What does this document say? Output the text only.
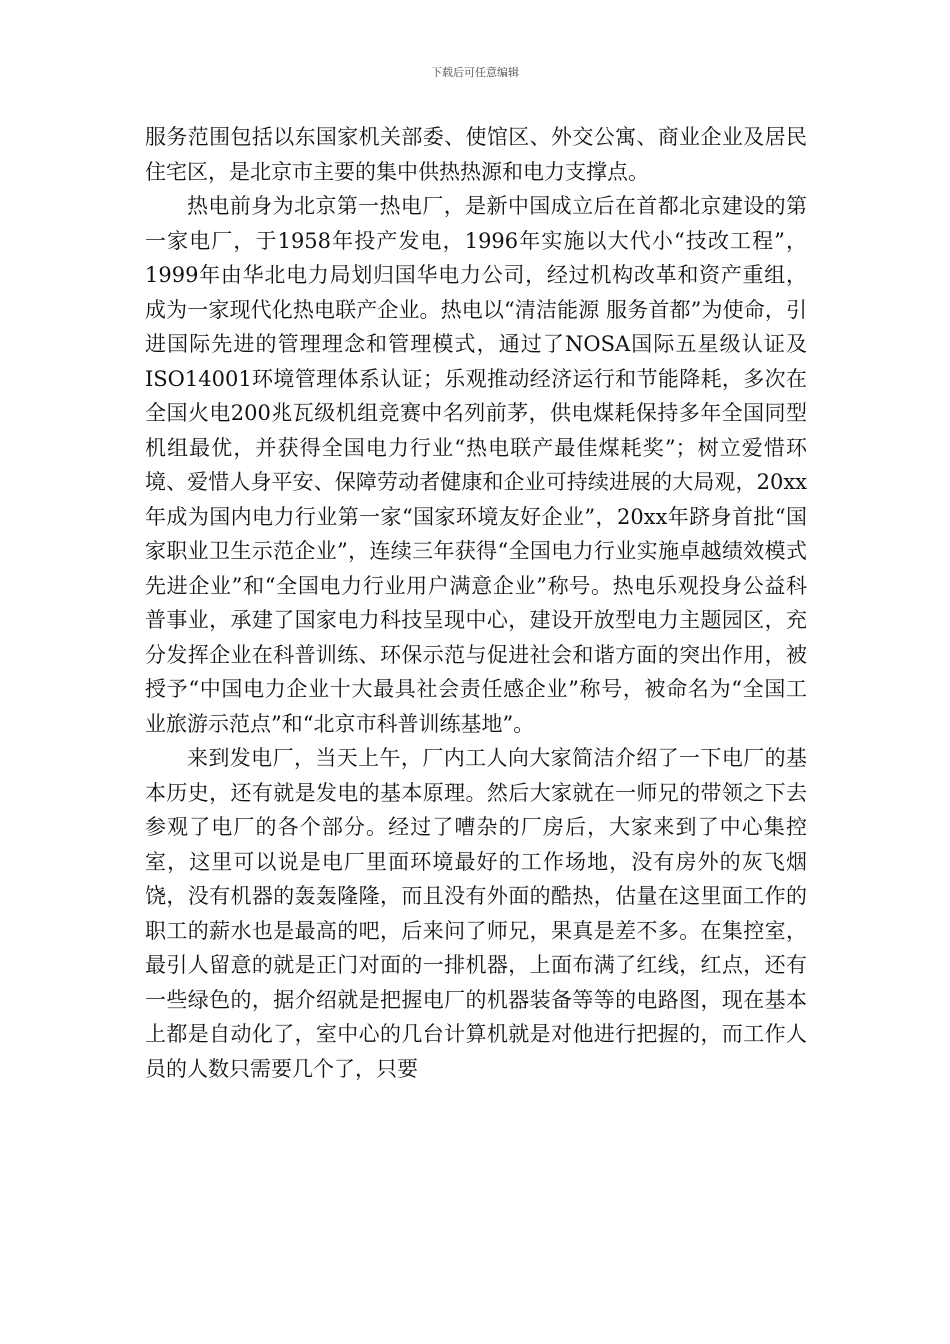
下载后可任意编辑

服务范围包括以东国家机关部委、使馆区、外交公寓、商业企业及居民住宅区，是北京市主要的集中供热热源和电力支撑点。

热电前身为北京第一热电厂，是新中国成立后在首都北京建设的第一家电厂，于1958年投产发电，1996年实施以大代小“技改工程”，1999年由华北电力局划归国华电力公司，经过机构改革和资产重组，成为一家现代化热电联产企业。热电以“清洁能源 服务首都”为使命，引进国际先进的管理理念和管理模式，通过了NOSA国际五星级认证及ISO14001环境管理体系认证；乐观推动经济运行和节能降耗，多次在全国火电200兆瓦级机组竞赛中名列前茅，供电煤耗保持多年全国同型机组最优，并获得全国电力行业“热电联产最佳煤耗奖”；树立爱惜环境、爱惜人身平安、保障劳动者健康和企业可持续进展的大局观，20xx年成为国内电力行业第一家“国家环境友好企业”，20xx年跻身首批“国家职业卫生示范企业”，连续三年获得“全国电力行业实施卓越绩效模式先进企业”和“全国电力行业用户满意企业”称号。热电乐观投身公益科普事业，承建了国家电力科技呈现中心，建设开放型电力主题园区，充分发挥企业在科普训练、环保示范与促进社会和谐方面的突出作用，被授予“中国电力企业十大最具社会责任感企业”称号，被命名为“全国工业旅游示范点”和“北京市科普训练基地”。

来到发电厂，当天上午，厂内工人向大家简洁介绍了一下电厂的基本历史，还有就是发电的基本原理。然后大家就在一师兄的带领之下去参观了电厂的各个部分。经过了嘈杂的厂房后，大家来到了中心集控室，这里可以说是电厂里面环境最好的工作场地，没有房外的灰飞烟饶，没有机器的轰轰隆隆，而且没有外面的酷热，估量在这里面工作的职工的薪水也是最高的吧，后来问了师兄，果真是差不多。在集控室，最引人留意的就是正门对面的一排机器，上面布满了红线，红点，还有一些绿色的，据介绍就是把握电厂的机器装备等等的电路图，现在基本上都是自动化了，室中心的几台计算机就是对他进行把握的，而工作人员的人数只需要几个了，只要
